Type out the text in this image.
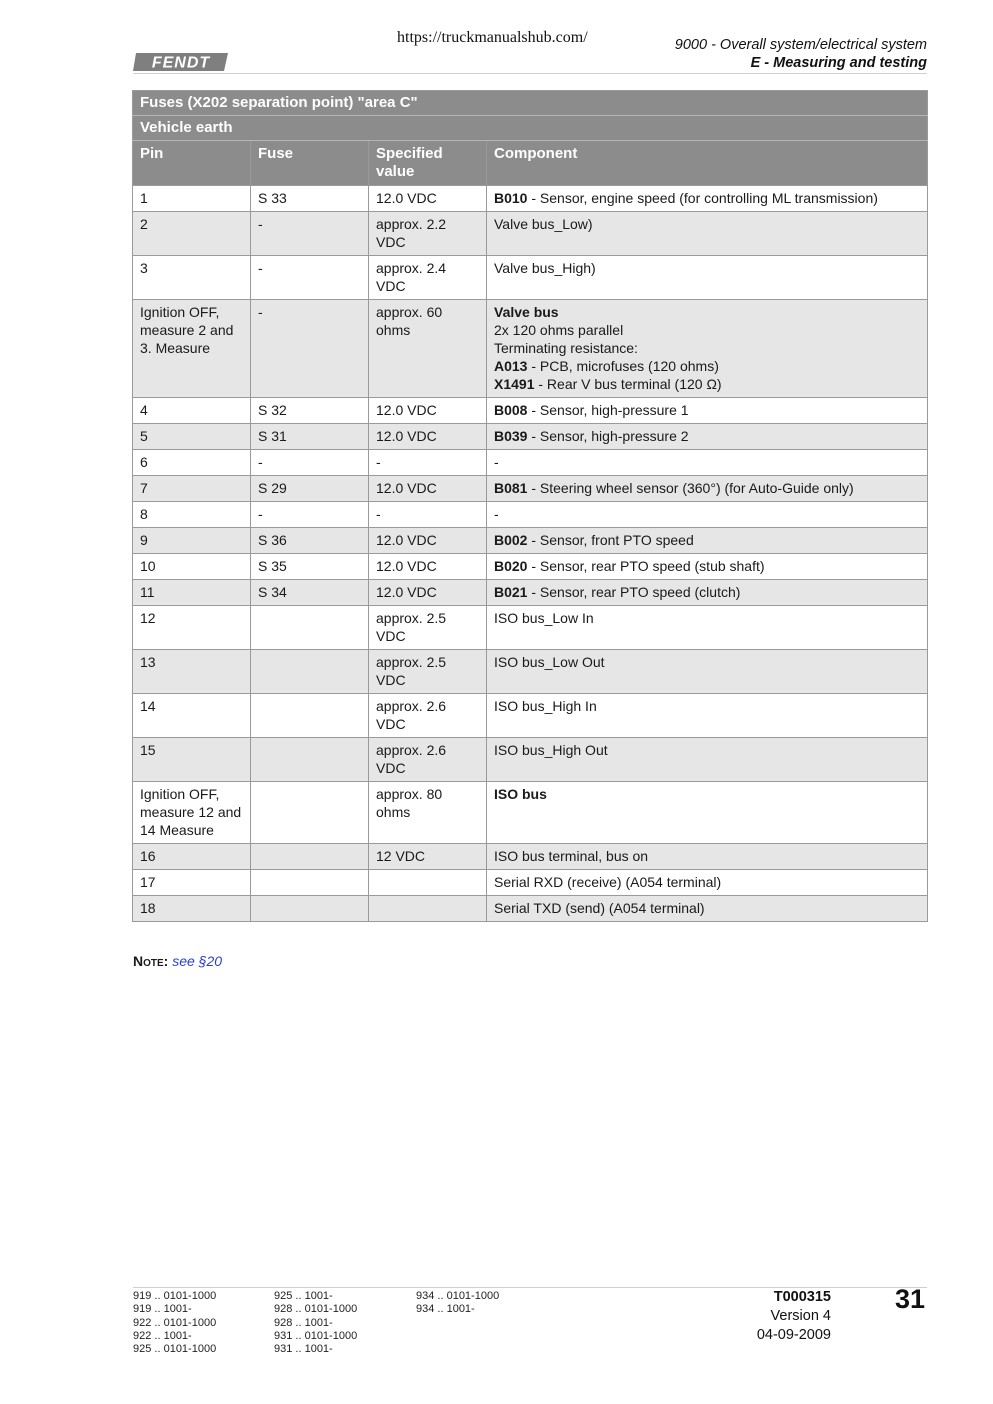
https://truckmanualshub.com/
FENDT
9000 - Overall system/electrical system
E - Measuring and testing
Fuses (X202 separation point) "area C"			
Vehicle earth			
Pin	Fuse	Specified value	Component
1	S 33	12.0 VDC	B010 - Sensor, engine speed (for controlling ML transmission)
2	-	approx. 2.2 VDC	Valve bus_Low)
3	-	approx. 2.4 VDC	Valve bus_High)
Ignition OFF, measure 2 and 3. Measure	-	approx. 60 ohms	Valve bus
2x 120 ohms parallel
Terminating resistance:
A013 - PCB, microfuses (120 ohms)
X1491 - Rear V bus terminal (120 Ω)

4	S 32	12.0 VDC	B008 - Sensor, high-pressure 1
5	S 31	12.0 VDC	B039 - Sensor, high-pressure 2
6	-	-	-
7	S 29	12.0 VDC	B081 - Steering wheel sensor (360°) (for Auto-Guide only)
8	-	-	-
9	S 36	12.0 VDC	B002 - Sensor, front PTO speed
10	S 35	12.0 VDC	B020 - Sensor, rear PTO speed (stub shaft)
11	S 34	12.0 VDC	B021 - Sensor, rear PTO speed (clutch)
12		approx. 2.5 VDC	ISO bus_Low In
13		approx. 2.5 VDC	ISO bus_Low Out
14		approx. 2.6 VDC	ISO bus_High In
15		approx. 2.6 VDC	ISO bus_High Out
Ignition OFF, measure 12 and 14 Measure		approx. 80 ohms	ISO bus
16		12 VDC	ISO bus terminal, bus on
17			Serial RXD (receive) (A054 terminal)
18			Serial TXD (send) (A054 terminal)
Note: see §20
919 .. 0101-1000
919 .. 1001-
922 .. 0101-1000
922 .. 1001-
925 .. 0101-1000
925 .. 1001-
928 .. 0101-1000
928 .. 1001-
931 .. 0101-1000
931 .. 1001-
934 .. 0101-1000
934 .. 1001-
T000315
Version 4
04-09-2009
31
